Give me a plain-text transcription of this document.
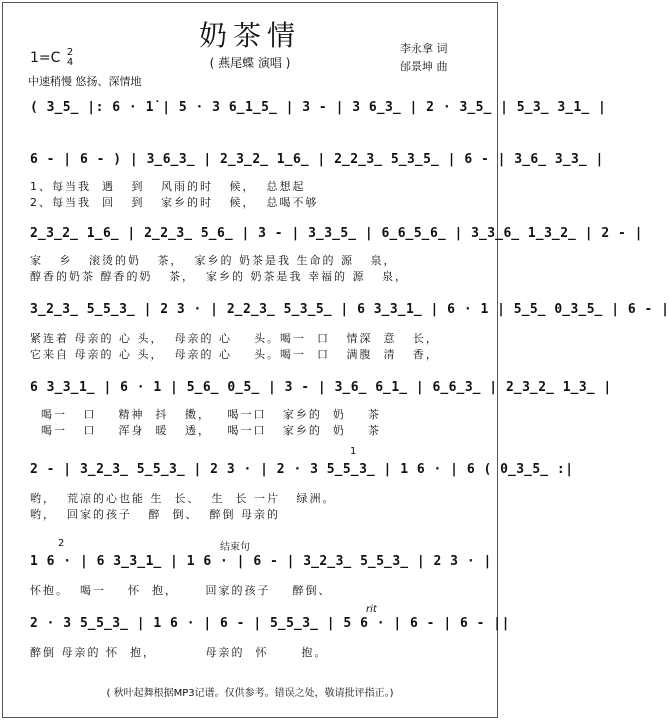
奶茶情
( 燕尾蝶 演唱 )
1=C 2
4
中速稍慢 悠扬、深情地
李永拿 词
邰景坤 曲
( 3̲5̲ |: 6 · 1̇ | 5 · 3 6̲1̲5̲ | 3 - | 3 6̲3̲ | 2 · 3̲5̲ | 5̲3̲ 3̲1̲ |
6 - | 6 - ) | 3̲6̲3̲ | 2̲3̲2̲ 1̲6̲ | 2̲2̲3̲ 5̲3̲5̲ | 6 - | 3̲6̲ 3̲3̲ |
1、每当我  遇   到   风雨的时   候，  总想起
2、每当我  回   到   家乡的时   候，  总喝不够
2̲3̲2̲ 1̲6̲ | 2̲2̲3̲ 5̲6̲ | 3 - | 3̲3̲5̲ | 6̲6̲5̲6̲ | 3̲3̲6̲ 1̲3̲2̲ | 2 - |
家   乡   滚烫的奶   茶，  家乡的 奶茶是我 生命的 源   泉，
醇香的奶茶 醇香的奶   茶，  家乡的 奶茶是我 幸福的 源   泉，
3̲2̲3̲ 5̲5̲3̲ | 2 3 · | 2̲2̲3̲ 5̲3̲5̲ | 6 3̲3̲1̲ | 6 · 1 | 5̲5̲ 0̲3̲5̲ | 6 - |
紧连着 母亲的 心 头，  母亲的 心    头。喝一  口   情深  意   长，
它来自 母亲的 心 头，  母亲的 心    头。喝一  口   满腹  清   香，
6 3̲3̲1̲ | 6 · 1 | 5̲6̲ 0̲5̲ | 3 - | 3̲6̲ 6̲1̲ | 6̲6̲3̲ | 2̲3̲2̲ 1̲3̲ |
喝一   口    精神  抖   擞，   喝一口   家乡的  奶    茶
喝一   口    浑身  暖   透，   喝一口   家乡的  奶    茶
1
2 - | 3̲2̲3̲ 5̲5̲3̲ | 2 3 · | 2 · 3 5̲5̲3̲ | 1 6 · | 6 ( 0̲3̲5̲ :|
哟，  荒凉的心也能 生  长、  生  长 一片   绿洲。
哟，  回家的孩子   醉  倒、  醉倒 母亲的
2	结束句
1 6 · | 6 3̲3̲1̲ | 1 6 · | 6 - | 3̲2̲3̲ 5̲5̲3̲ | 2 3 · |
怀抱。  喝一    怀  抱，     回家的孩子    醉倒、
rit
2 · 3 5̲5̲3̲ | 1 6 · | 6 - | 5̲5̲3̲ | 5 6 · | 6 - | 6 - ||
醉倒 母亲的 怀  抱，         母亲的  怀      抱。
( 秋叶起舞根据MP3记谱。仅供参考。错误之处，敬请批评指正。)
